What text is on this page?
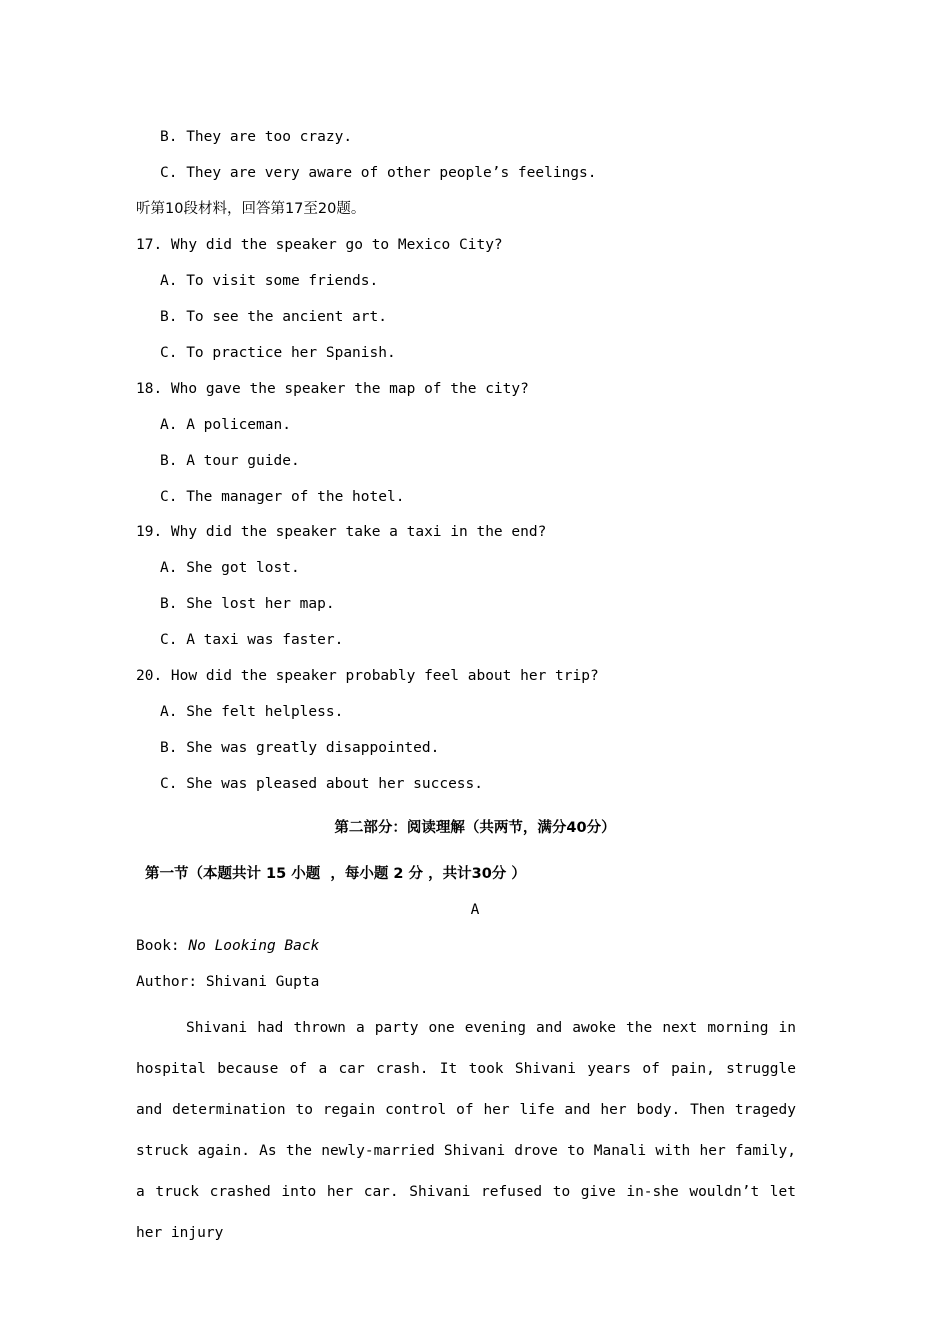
B. They are too crazy.
C. They are very aware of other people’s feelings.
听第10段材料，回答第17至20题。
17. Why did the speaker go to Mexico City?
A. To visit some friends.
B. To see the ancient art.
C. To practice her Spanish.
18. Who gave the speaker the map of the city?
A. A policeman.
B. A tour guide.
C. The manager of the hotel.
19. Why did the speaker take a taxi in the end?
A. She got lost.
B. She lost her map.
C. A taxi was faster.
20. How did the speaker probably feel about her trip?
A. She felt helpless.
B. She was greatly disappointed.
C. She was pleased about her success.
第二部分：阅读理解（共两节，满分40分）
第一节（本题共计 15 小题  ，每小题 2 分 ，共计30分 ）
A
Book: No Looking Back
Author: Shivani Gupta
Shivani had thrown a party one evening and awoke the next morning in hospital because of a car crash. It took Shivani years of pain, struggle and determination to regain control of her life and her body. Then tragedy struck again. As the newly-married Shivani drove to Manali with her family, a truck crashed into her car. Shivani refused to give in-she wouldn’t let her injury
